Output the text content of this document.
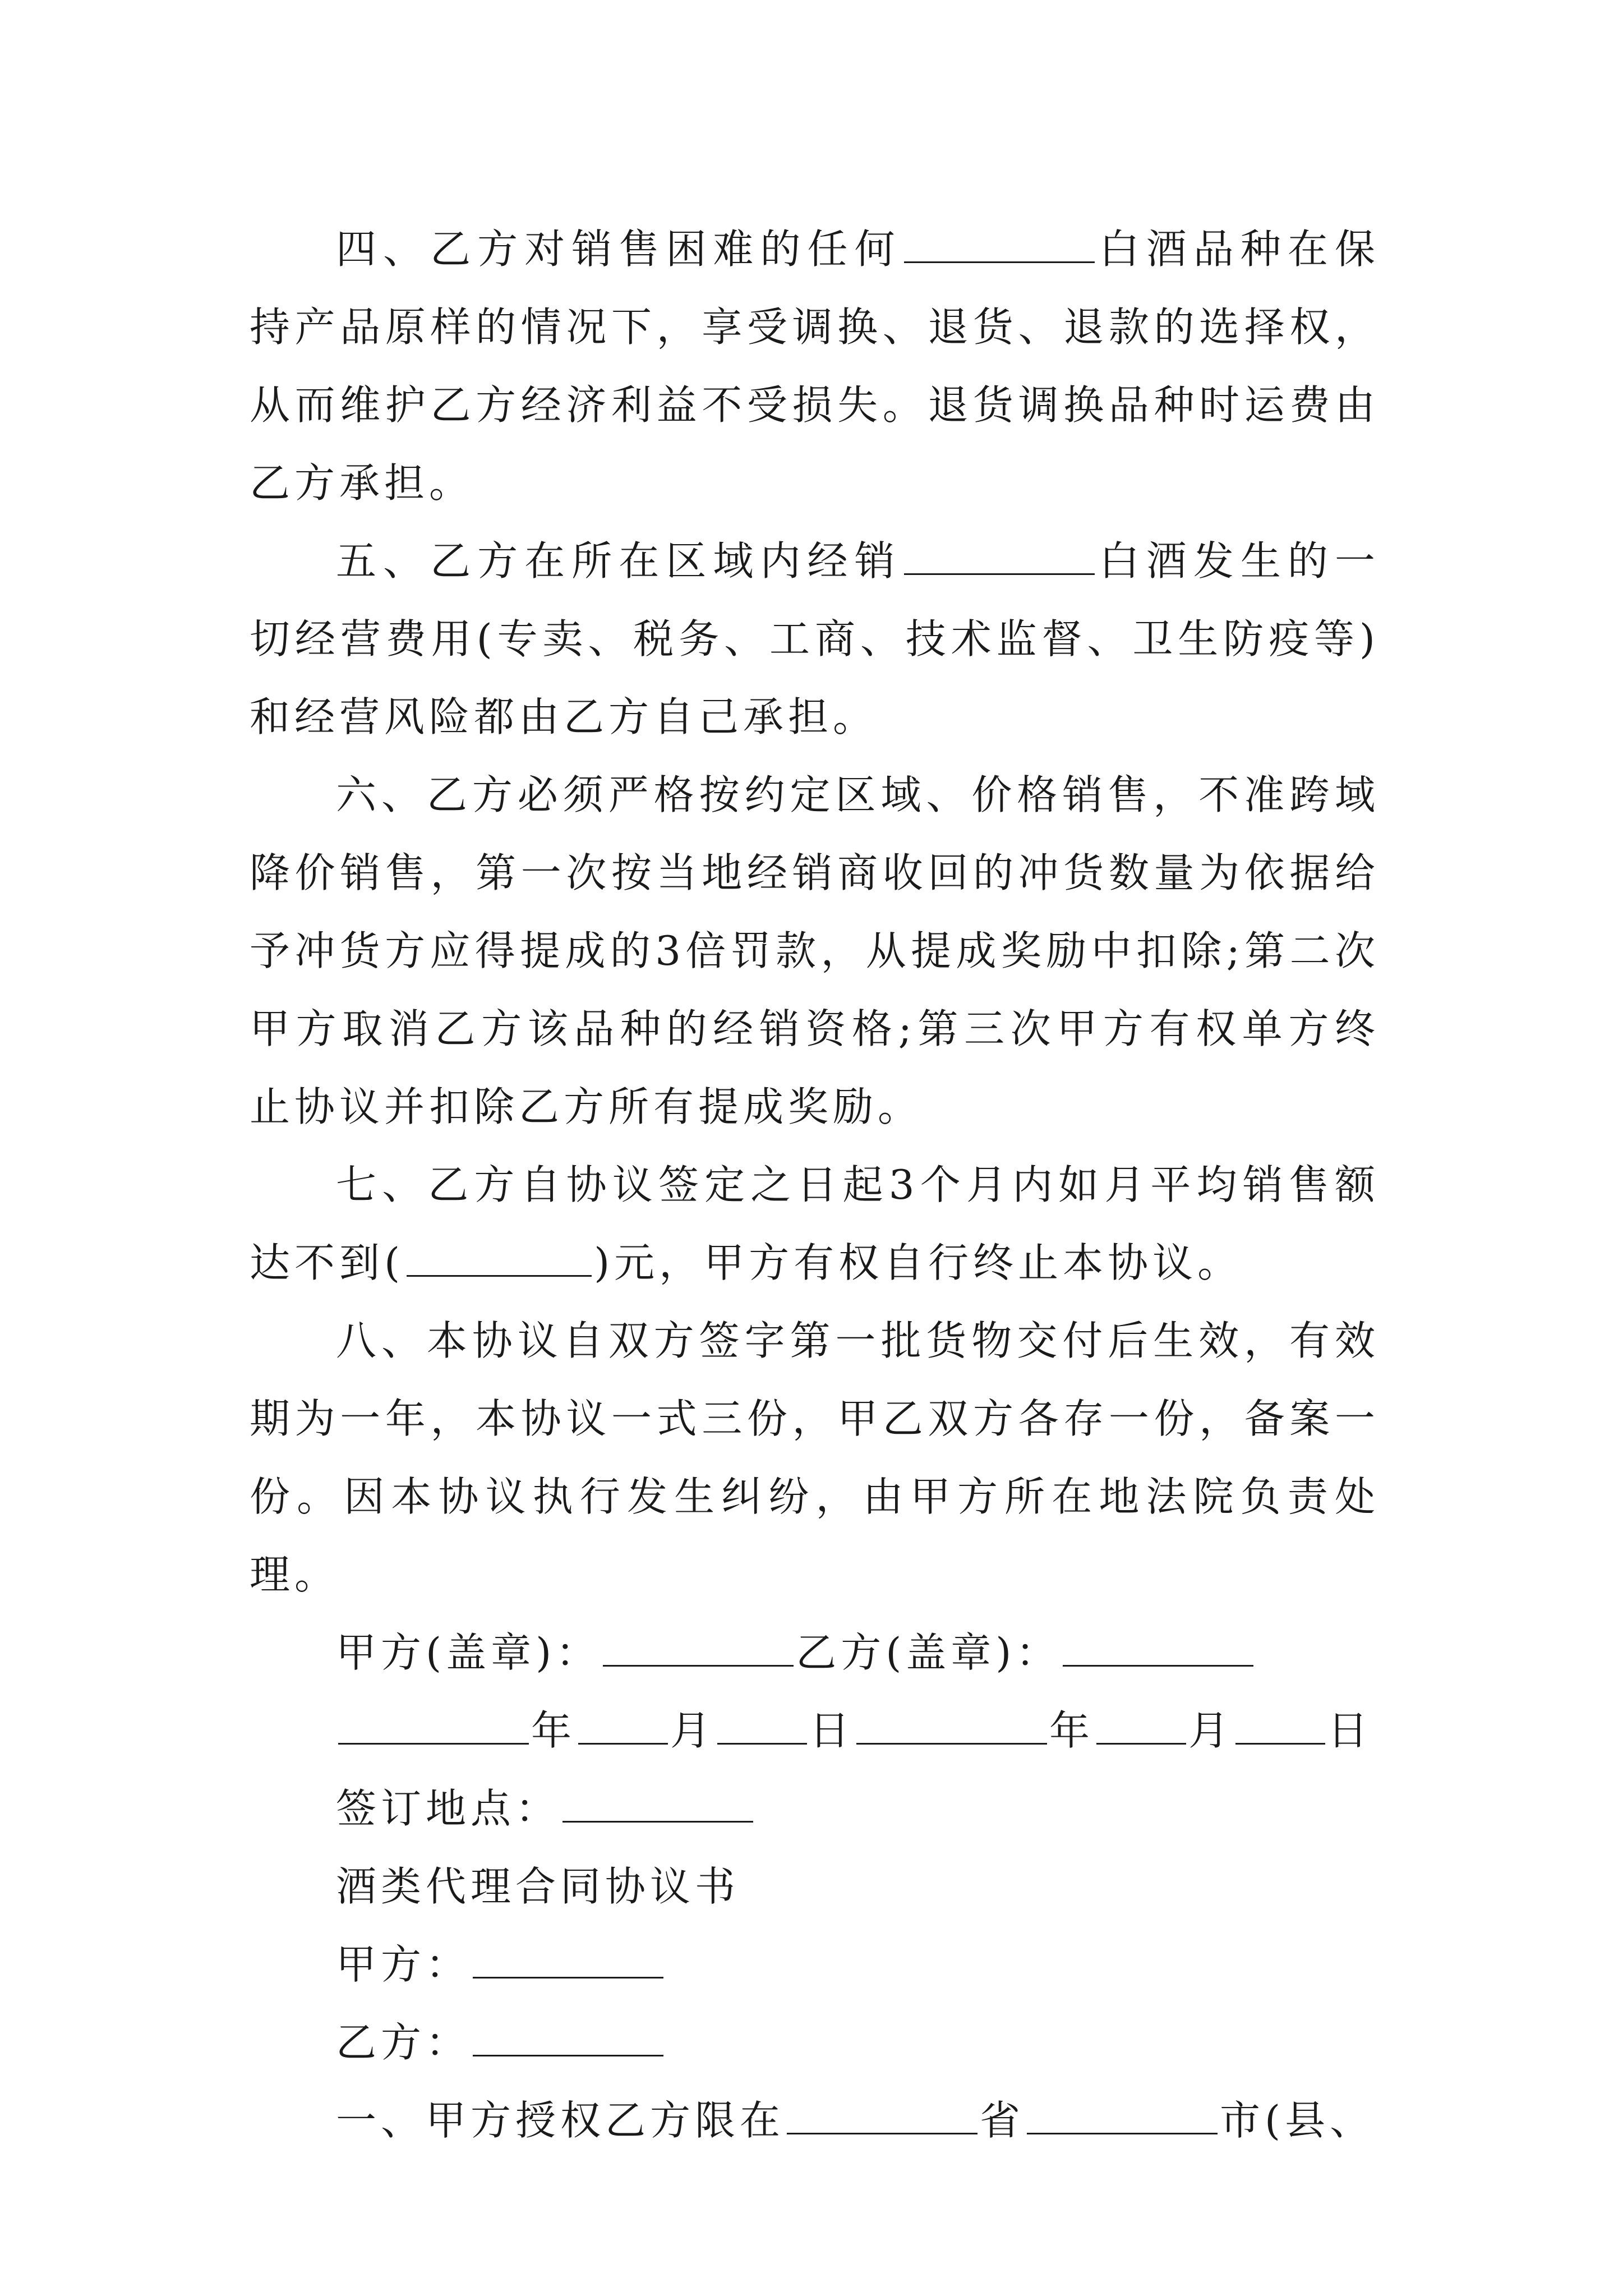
四、乙方对销售困难的任何	白酒品种在保持产品原样的情况下，享受调换、退货、退款的选择权，从而维护乙方经济利益不受损失。退货调换品种时运费由乙方承担。

五、乙方在所在区域内经销	白酒发生的一切经营费用(专卖、税务、工商、技术监督、卫生防疫等)和经营风险都由乙方自己承担。

六、乙方必须严格按约定区域、价格销售，不准跨域降价销售，第一次按当地经销商收回的冲货数量为依据给予冲货方应得提成的3倍罚款，从提成奖励中扣除;第二次甲方取消乙方该品种的经销资格;第三次甲方有权单方终止协议并扣除乙方所有提成奖励。

七、乙方自协议签定之日起3个月内如月平均销售额达不到(	)元，甲方有权自行终止本协议。

八、本协议自双方签字第一批货物交付后生效，有效期为一年，本协议一式三份，甲乙双方各存一份，备案一份。因本协议执行发生纠纷，由甲方所在地法院负责处理。

甲方(盖章)：	乙方(盖章)：

年 月 日	年 月 日

签订地点：

酒类代理合同协议书

甲方：

乙方：

一、甲方授权乙方限在	省	市(县、
